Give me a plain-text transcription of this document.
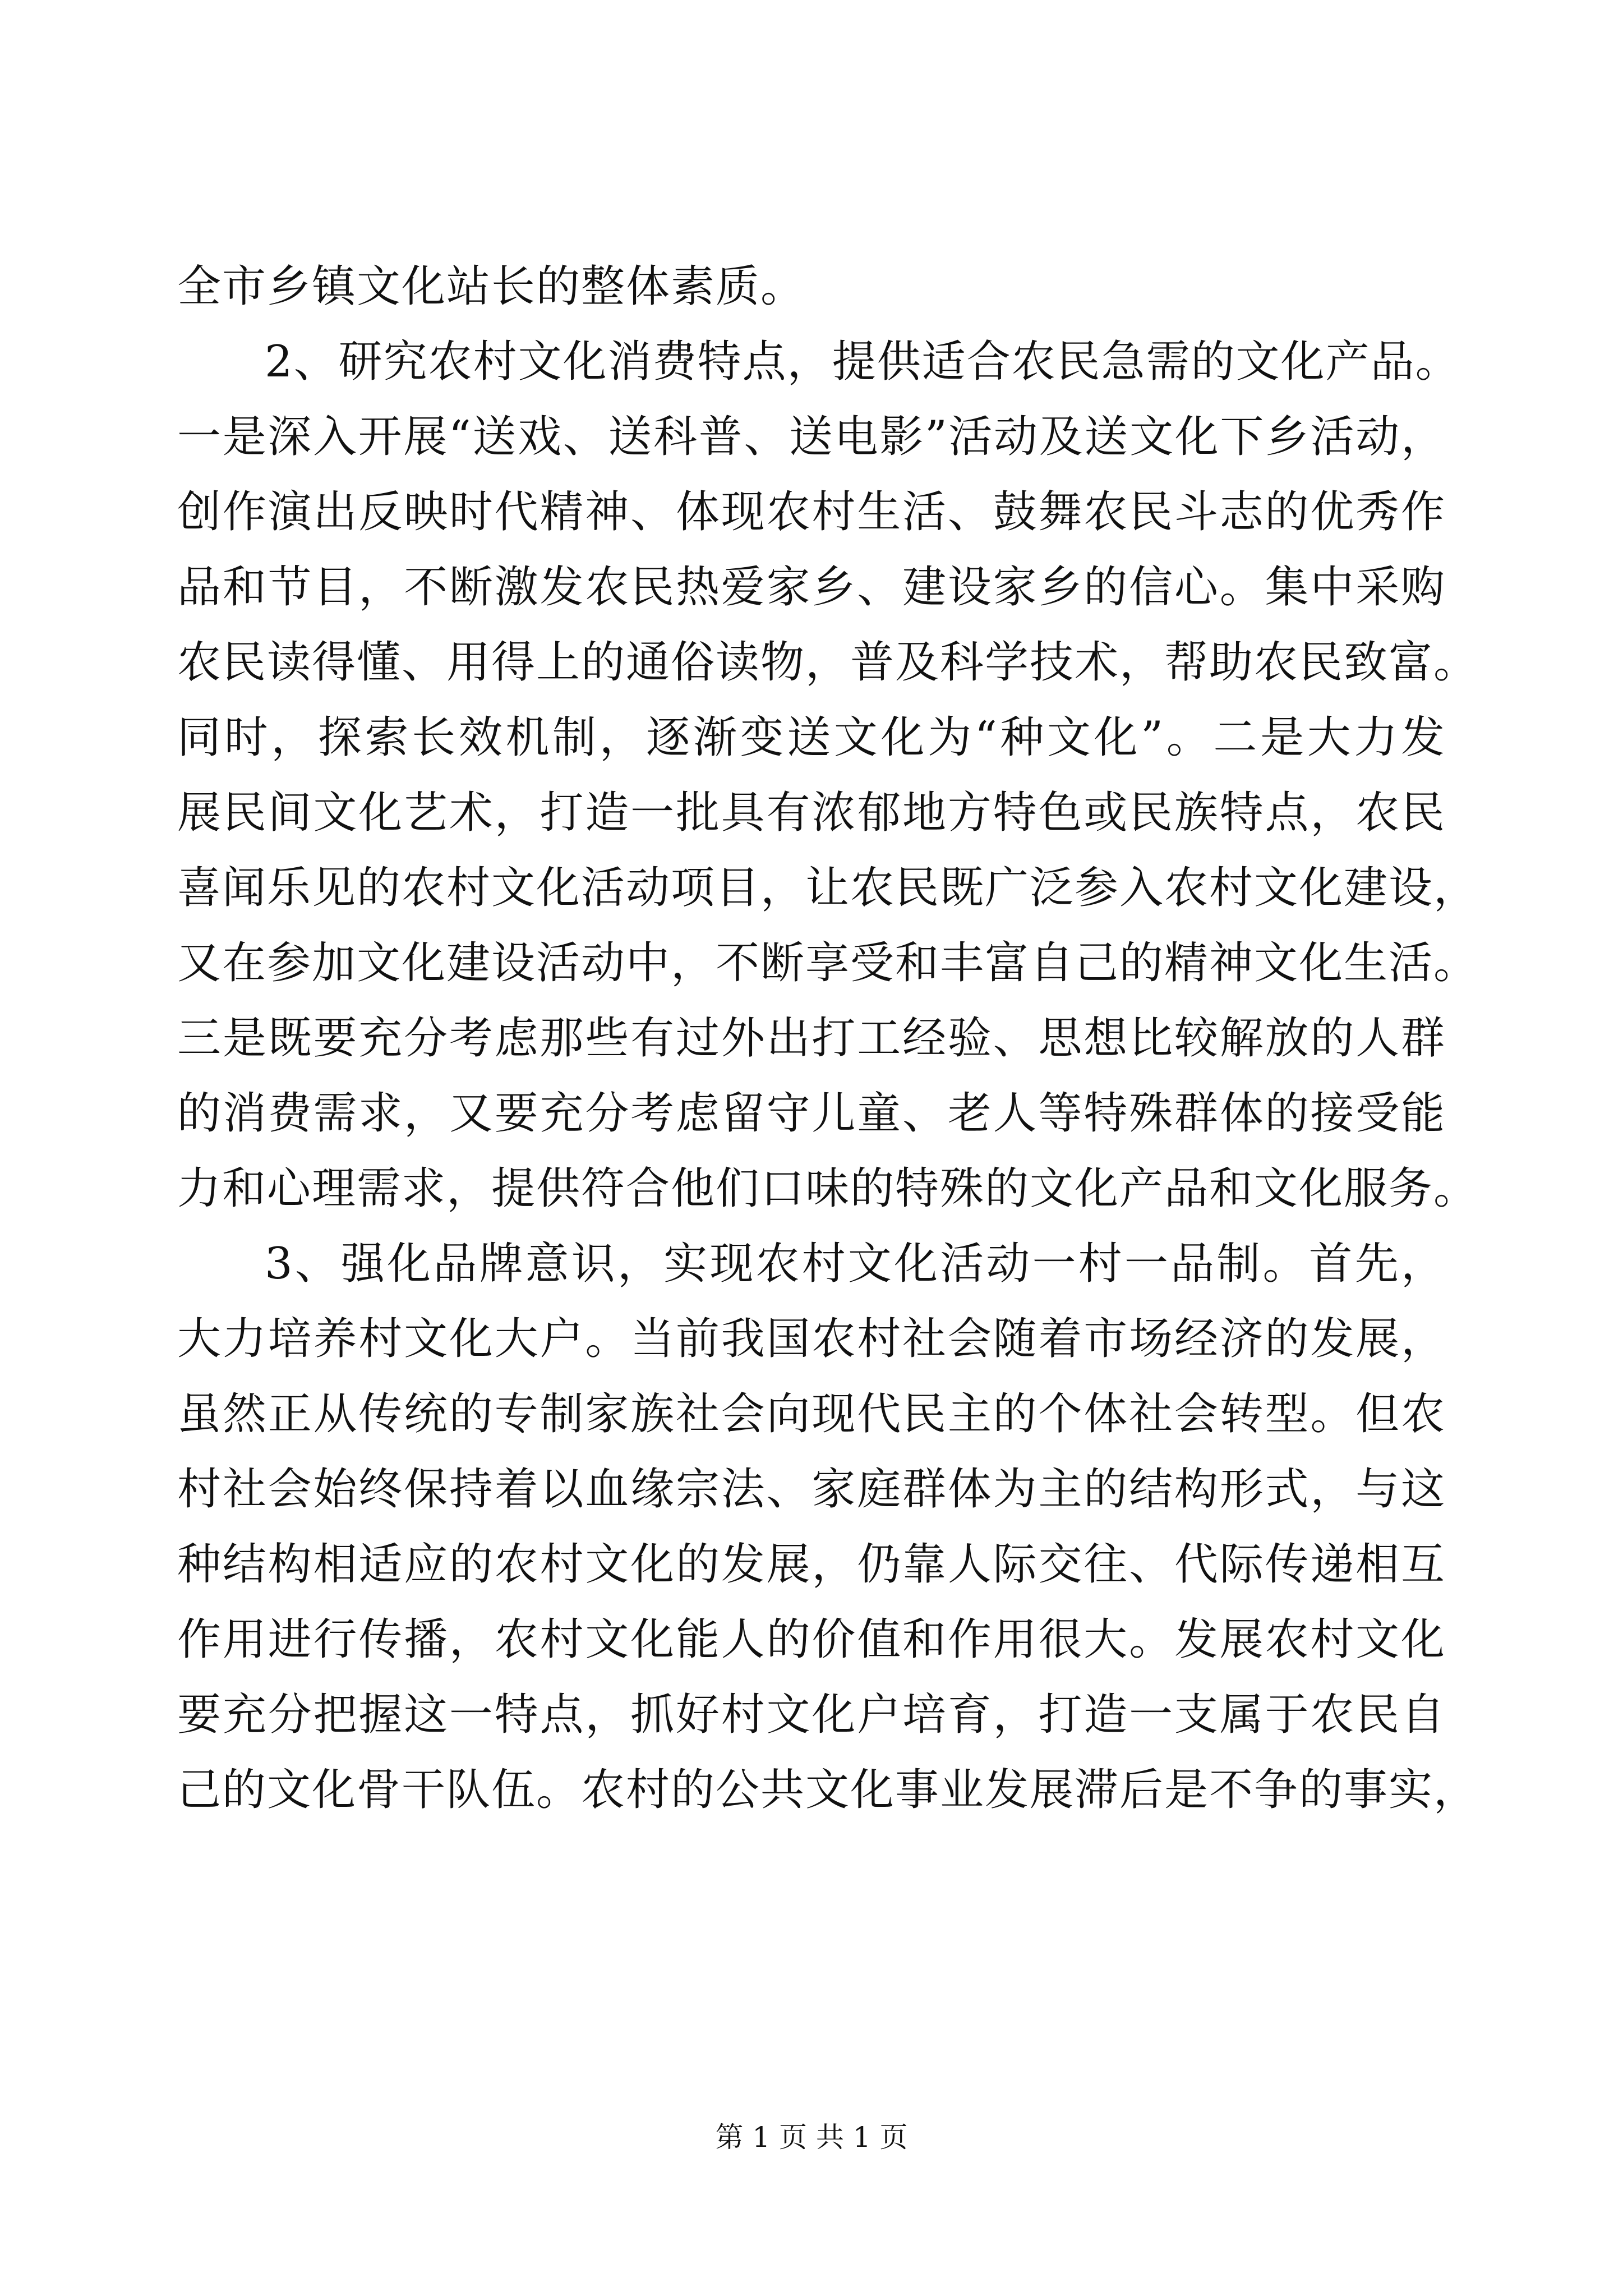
全市乡镇文化站长的整体素质。
2、研究农村文化消费特点，提供适合农民急需的文化产品。
一是深入开展“送戏、送科普、送电影”活动及送文化下乡活动，
创作演出反映时代精神、体现农村生活、鼓舞农民斗志的优秀作
品和节目，不断激发农民热爱家乡、建设家乡的信心。集中采购
农民读得懂、用得上的通俗读物，普及科学技术，帮助农民致富。
同时，探索长效机制，逐渐变送文化为“种文化”。二是大力发
展民间文化艺术，打造一批具有浓郁地方特色或民族特点，农民
喜闻乐见的农村文化活动项目，让农民既广泛参入农村文化建设，
又在参加文化建设活动中，不断享受和丰富自己的精神文化生活。
三是既要充分考虑那些有过外出打工经验、思想比较解放的人群
的消费需求，又要充分考虑留守儿童、老人等特殊群体的接受能
力和心理需求，提供符合他们口味的特殊的文化产品和文化服务。
3、强化品牌意识，实现农村文化活动一村一品制。首先，
大力培养村文化大户。当前我国农村社会随着市场经济的发展，
虽然正从传统的专制家族社会向现代民主的个体社会转型。但农
村社会始终保持着以血缘宗法、家庭群体为主的结构形式，与这
种结构相适应的农村文化的发展，仍靠人际交往、代际传递相互
作用进行传播，农村文化能人的价值和作用很大。发展农村文化
要充分把握这一特点，抓好村文化户培育，打造一支属于农民自
己的文化骨干队伍。农村的公共文化事业发展滞后是不争的事实，
第 1 页 共 1 页
